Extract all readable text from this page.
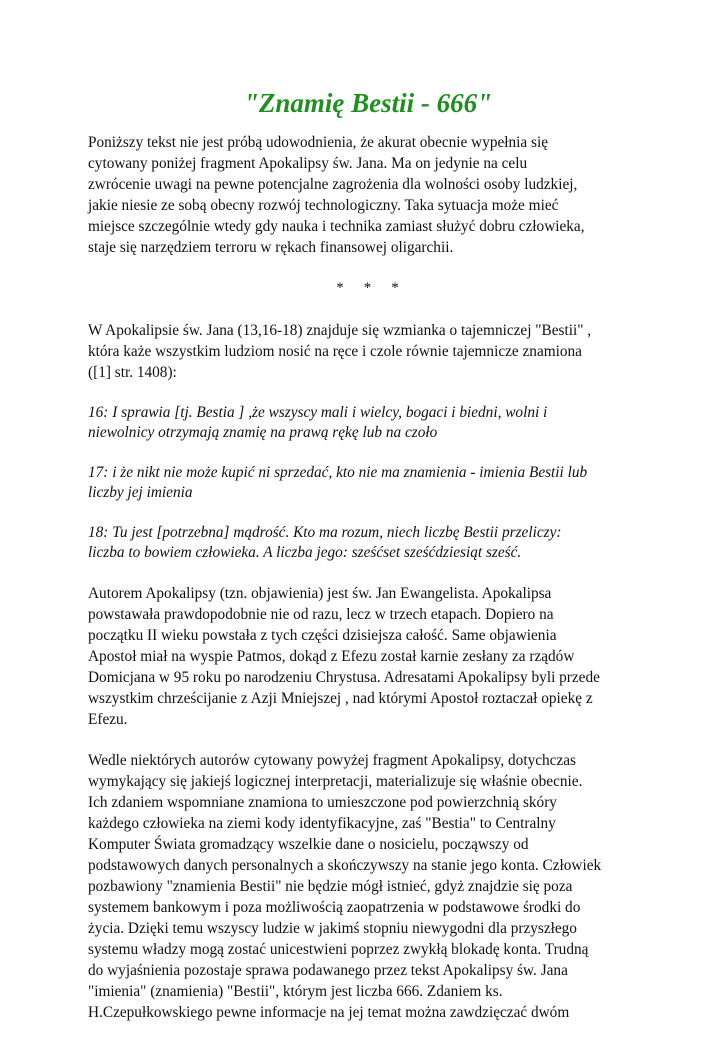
"Znamię Bestii - 666"

Poniższy tekst nie jest próbą udowodnienia, że akurat obecnie wypełnia się
cytowany poniżej fragment Apokalipsy św. Jana. Ma on jedynie na celu
zwrócenie uwagi na pewne potencjalne zagrożenia dla wolności osoby ludzkiej,
jakie niesie ze sobą obecny rozwój technologiczny. Taka sytuacja może mieć
miejsce szczególnie wtedy gdy nauka i technika zamiast służyć dobru człowieka,
staje się narzędziem terroru w rękach finansowej oligarchii.

*    *    *

W Apokalipsie św. Jana (13,16-18) znajduje się wzmianka o tajemniczej "Bestii" ,
która każe wszystkim ludziom nosić na ręce i czole równie tajemnicze znamiona
([1] str. 1408):

16: I sprawia [tj. Bestia ] ,że wszyscy mali i wielcy, bogaci i biedni, wolni i
niewolnicy otrzymają znamię na prawą rękę lub na czoło

17: i że nikt nie może kupić ni sprzedać, kto nie ma znamienia - imienia Bestii lub
liczby jej imienia

18: Tu jest [potrzebna] mądrość. Kto ma rozum, niech liczbę Bestii przeliczy:
liczba to bowiem człowieka. A liczba jego: sześćset sześćdziesiąt sześć.

Autorem Apokalipsy (tzn. objawienia) jest św. Jan Ewangelista. Apokalipsa
powstawała prawdopodobnie nie od razu, lecz w trzech etapach. Dopiero na
początku II wieku powstała z tych części dzisiejsza całość. Same objawienia
Apostoł miał na wyspie Patmos, dokąd z Efezu został karnie zesłany za rządów
Domicjana w 95 roku po narodzeniu Chrystusa. Adresatami Apokalipsy byli przede
wszystkim chrześcijanie z Azji Mniejszej , nad którymi Apostoł roztaczał opiekę z
Efezu.

Wedle niektórych autorów cytowany powyżej fragment Apokalipsy, dotychczas
wymykający się jakiejś logicznej interpretacji, materializuje się właśnie obecnie.
Ich zdaniem wspomniane znamiona to umieszczone pod powierzchnią skóry
każdego człowieka na ziemi kody identyfikacyjne, zaś "Bestia" to Centralny
Komputer Świata gromadzący wszelkie dane o nosicielu, począwszy od
podstawowych danych personalnych a skończywszy na stanie jego konta. Człowiek
pozbawiony "znamienia Bestii" nie będzie mógł istnieć, gdyż znajdzie się poza
systemem bankowym i poza możliwością zaopatrzenia w podstawowe środki do
życia. Dzięki temu wszyscy ludzie w jakimś stopniu niewygodni dla przyszłego
systemu władzy mogą zostać unicestwieni poprzez zwykłą blokadę konta. Trudną
do wyjaśnienia pozostaje sprawa podawanego przez tekst Apokalipsy św. Jana
"imienia" (znamienia) "Bestii", którym jest liczba 666. Zdaniem ks.
H.Czepułkowskiego pewne informacje na jej temat można zawdzięczać dwóm
